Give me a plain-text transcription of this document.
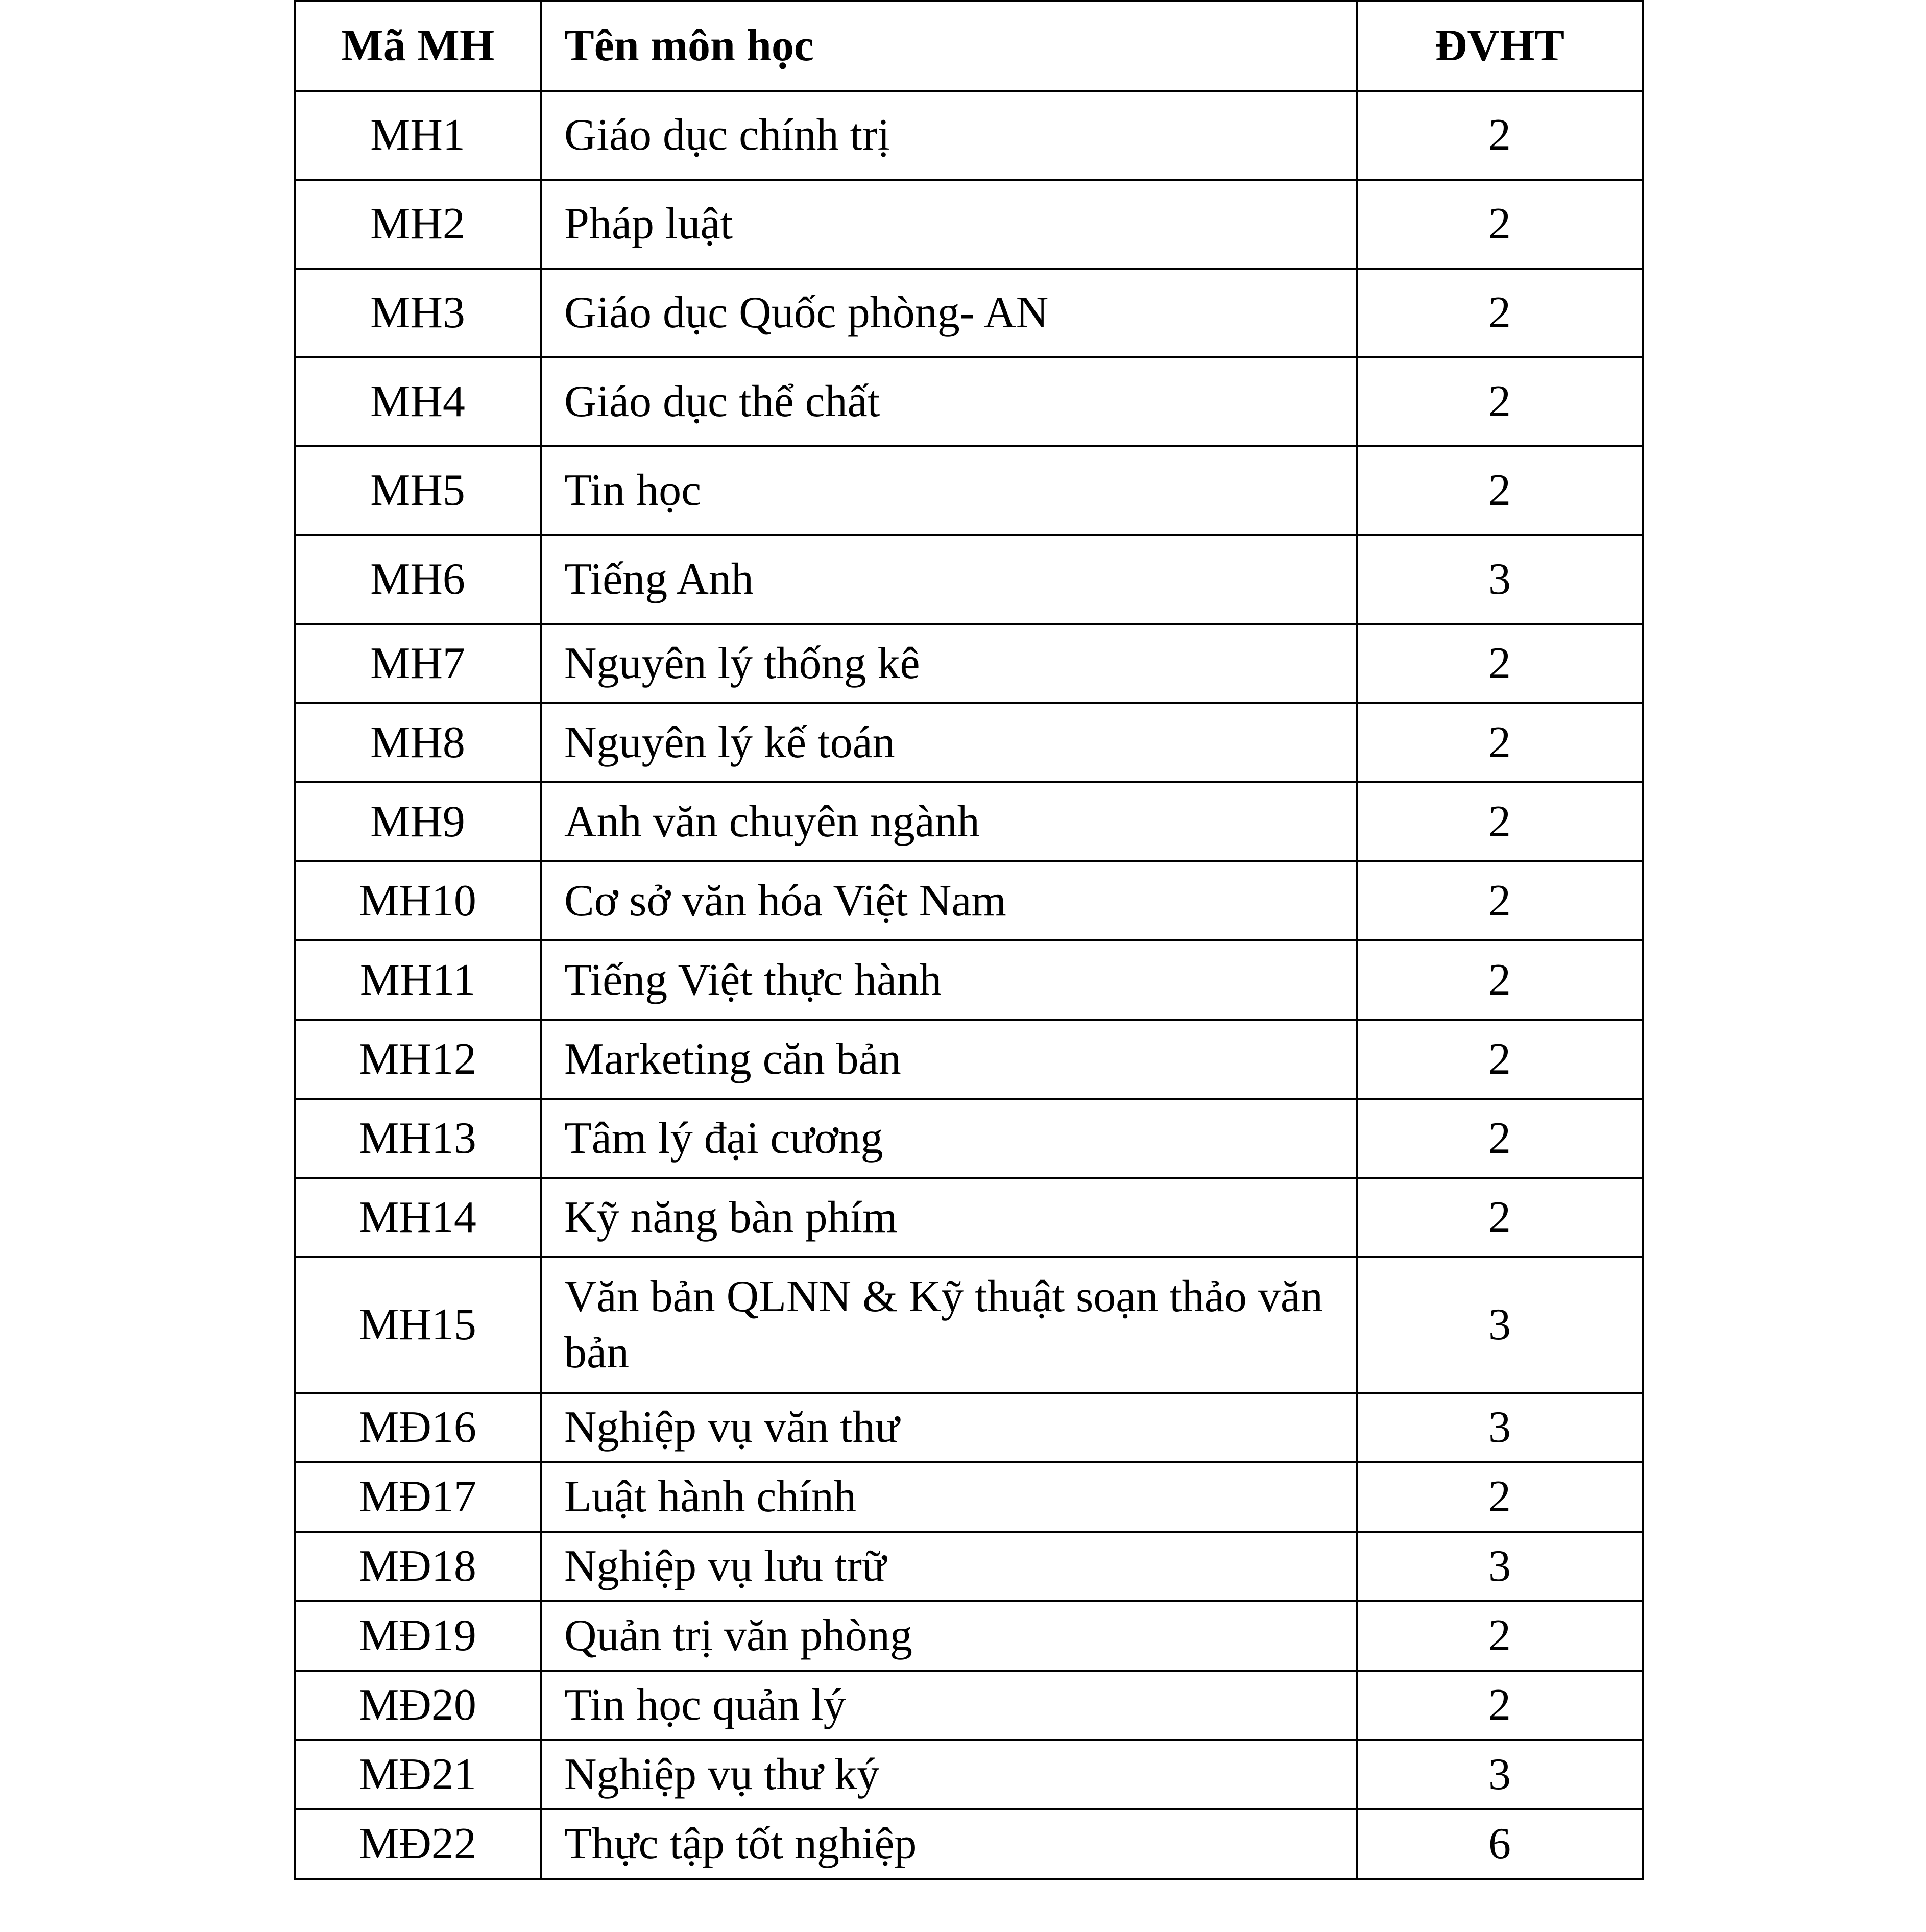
Mã MH	Tên môn học	ĐVHT
MH1	Giáo dục chính trị	2
MH2	Pháp luật	2
MH3	Giáo dục Quốc phòng- AN	2
MH4	Giáo dục thể chất	2
MH5	Tin học	2
MH6	Tiếng Anh	3
MH7	Nguyên lý thống kê	2
MH8	Nguyên lý kế toán	2
MH9	Anh văn chuyên ngành	2
MH10	Cơ sở văn hóa Việt Nam	2
MH11	Tiếng Việt thực hành	2
MH12	Marketing căn bản	2
MH13	Tâm lý đại cương	2
MH14	Kỹ năng bàn phím	2
MH15	Văn bản QLNN & Kỹ thuật soạn thảo văn bản	3
MĐ16	Nghiệp vụ văn thư	3
MĐ17	Luật hành chính	2
MĐ18	Nghiệp vụ lưu trữ	3
MĐ19	Quản trị văn phòng	2
MĐ20	Tin học quản lý	2
MĐ21	Nghiệp vụ thư ký	3
MĐ22	Thực tập tốt nghiệp	6
